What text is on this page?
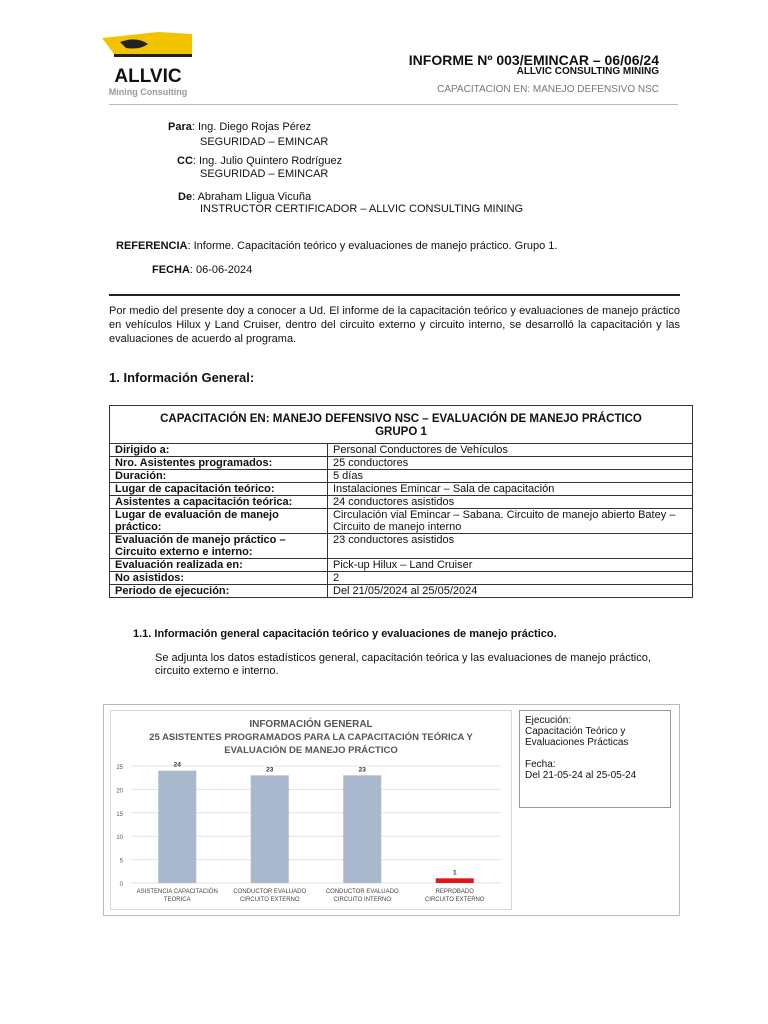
ALLVIC
Mining Consulting
INFORME Nº 003/EMINCAR – 06/06/24
ALLVIC CONSULTING MINING
CAPACITACION EN: MANEJO DEFENSIVO NSC
Para: Ing. Diego Rojas Pérez
SEGURIDAD – EMINCAR
CC: Ing. Julio Quintero Rodríguez
SEGURIDAD – EMINCAR
De: Abraham Lligua Vicuña
INSTRUCTOR CERTIFICADOR – ALLVIC CONSULTING MINING
REFERENCIA: Informe. Capacitación teórico y evaluaciones de manejo práctico. Grupo 1.
FECHA: 06-06-2024
Por medio del presente doy a conocer a Ud. El informe de la capacitación teórico y evaluaciones de manejo práctico en vehículos Hilux y Land Cruiser, dentro del circuito externo y circuito interno, se desarrolló la capacitación y las evaluaciones de acuerdo al programa.
1. Información General:
CAPACITACIÓN EN: MANEJO DEFENSIVO NSC – EVALUACIÓN DE MANEJO PRÁCTICO
GRUPO 1	

Dirigido a:	Personal Conductores de Vehículos
Nro. Asistentes programados:	25 conductores
Duración:	5 días
Lugar de capacitación teórico:	Instalaciones Emincar – Sala de capacitación
Asistentes a capacitación teórica:	24 conductores asistidos
Lugar de evaluación de manejo práctico:	Circulación vial Emincar – Sabana. Circuito de manejo abierto Batey – Circuito de manejo interno
Evaluación de manejo práctico – Circuito externo e interno:	23 conductores asistidos
Evaluación realizada en:	Pick-up Hilux – Land Cruiser
No asistidos:	2
Periodo de ejecución:	Del 21/05/2024 al 25/05/2024
1.1. Información general capacitación teórico y evaluaciones de manejo práctico.
Se adjunta los datos estadísticos general, capacitación teórica y las evaluaciones de manejo práctico, circuito externo e interno.
INFORMACIÓN GENERAL
25 ASISTENTES PROGRAMADOS PARA LA CAPACITACIÓN TEÓRICA Y
EVALUACIÓN DE MANEJO PRÁCTICO
0
5
10
15
20
25	24
ASISTENCIA CAPACITACIÓN
TEORICA
23
CONDUCTOR EVALUADO
CIRCUITO EXTERNO
23
CONDUCTOR EVALUADO
CIRCUITO INTERNO
1
REPROBADO
CIRCUITO EXTERNO
Ejecución:
Capacitación Teórico y
Evaluaciones Prácticas
Fecha:
Del 21-05-24 al 25-05-24
